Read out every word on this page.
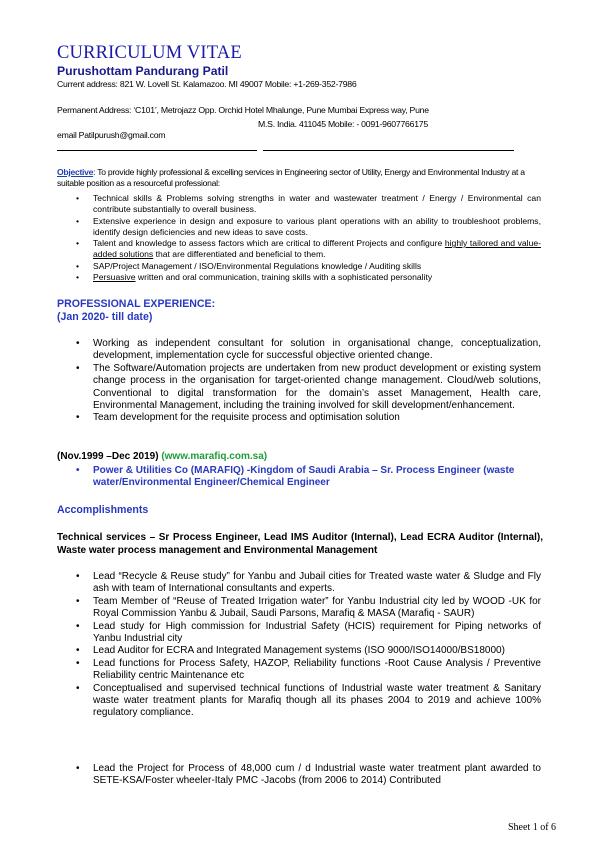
CURRICULUM VITAE
Purushottam Pandurang Patil
Current address: 821 W. Lovell St. Kalamazoo. MI 49007 Mobile: +1-269-352-7986
Permanent Address: ‘C101’, Metrojazz Opp. Orchid Hotel Mhalunge, Pune Mumbai Express way, Pune
M.S. India. 411045 Mobile: - 0091-9607766175
email Patilpurush@gmail.com
Objective: To provide highly professional & excelling services in Engineering sector of Utility, Energy and Environmental Industry at a suitable position as a resourceful professional:
• Technical skills & Problems solving strengths in water and wastewater treatment / Energy / Environmental can contribute substantially to overall business.
• Extensive experience in design and exposure to various plant operations with an ability to troubleshoot problems, identify design deficiencies and new ideas to save costs.
• Talent and knowledge to assess factors which are critical to different Projects and configure highly tailored and value-added solutions that are differentiated and beneficial to them.
• SAP/Project Management / ISO/Environmental Regulations knowledge / Auditing skills
• Persuasive written and oral communication, training skills with a sophisticated personality
PROFESSIONAL EXPERIENCE:
(Jan 2020- till date)
• Working as independent consultant for solution in organisational change, conceptualization, development, implementation cycle for successful objective oriented change.
• The Software/Automation projects are undertaken from new product development or existing system change process in the organisation for target-oriented change management. Cloud/web solutions, Conventional to digital transformation for the domain’s asset Management, Health care, Environmental Management, including the training involved for skill development/enhancement.
• Team development for the requisite process and optimisation solution
(Nov.1999 –Dec 2019) (www.marafiq.com.sa)
• Power & Utilities Co (MARAFIQ) -Kingdom of Saudi Arabia – Sr. Process Engineer (waste water/Environmental Engineer/Chemical Engineer
Accomplishments
Technical services – Sr Process Engineer, Lead IMS Auditor (Internal), Lead ECRA Auditor (Internal), Waste water process management and Environmental Management
• Lead “Recycle & Reuse study” for Yanbu and Jubail cities for Treated waste water & Sludge and Fly ash with team of International consultants and experts.
• Team Member of “Reuse of Treated Irrigation water” for Yanbu Industrial city led by WOOD -UK for Royal Commission Yanbu & Jubail, Saudi Parsons, Marafiq & MASA (Marafiq - SAUR)
• Lead study for High commission for Industrial Safety (HCIS) requirement for Piping networks of Yanbu Industrial city
• Lead Auditor for ECRA and Integrated Management systems (ISO 9000/ISO14000/BS18000)
• Lead functions for Process Safety, HAZOP, Reliability functions -Root Cause Analysis / Preventive Reliability centric Maintenance etc
• Conceptualised and supervised technical functions of Industrial waste water treatment & Sanitary waste water treatment plants for Marafiq though all its phases 2004 to 2019 and achieve 100% regulatory compliance.
• Lead the Project for Process of 48,000 cum / d Industrial waste water treatment plant awarded to SETE-KSA/Foster wheeler-Italy PMC -Jacobs (from 2006 to 2014) Contributed
Sheet 1 of 6
